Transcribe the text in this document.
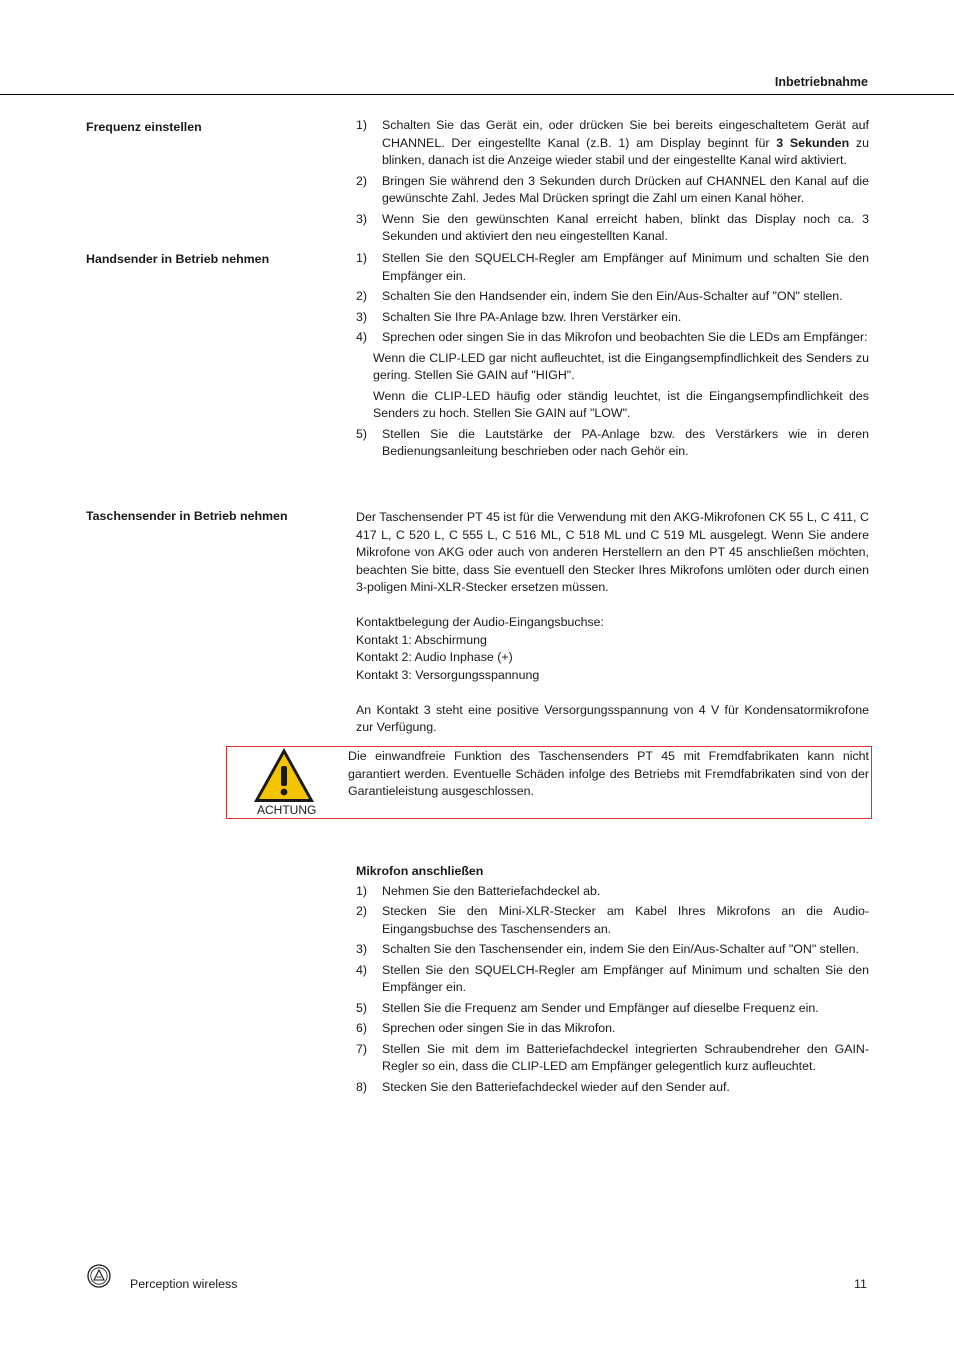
Inbetriebnahme
Frequenz einstellen	1) Schalten Sie das Gerät ein, oder drücken Sie bei bereits eingeschaltetem Gerät auf CHANNEL. Der eingestellte Kanal (z.B. 1) am Display beginnt für 3 Sekunden zu blinken, danach ist die Anzeige wieder stabil und der eingestellte Kanal wird aktiviert.
2) Bringen Sie während den 3 Sekunden durch Drücken auf CHANNEL den Kanal auf die gewünschte Zahl. Jedes Mal Drücken springt die Zahl um einen Kanal höher.
3) Wenn Sie den gewünschten Kanal erreicht haben, blinkt das Display noch ca. 3 Sekunden und aktiviert den neu eingestellten Kanal.
Handsender in Betrieb nehmen	1) Stellen Sie den SQUELCH-Regler am Empfänger auf Minimum und schalten Sie den Empfänger ein.
2) Schalten Sie den Handsender ein, indem Sie den Ein/Aus-Schalter auf "ON" stellen.
3) Schalten Sie Ihre PA-Anlage bzw. Ihren Verstärker ein.
4) Sprechen oder singen Sie in das Mikrofon und beobachten Sie die LEDs am Empfänger:
Wenn die CLIP-LED gar nicht aufleuchtet, ist die Eingangsempfindlichkeit des Senders zu gering. Stellen Sie GAIN auf "HIGH".
Wenn die CLIP-LED häufig oder ständig leuchtet, ist die Eingangsempfindlichkeit des Senders zu hoch. Stellen Sie GAIN auf "LOW".
5) Stellen Sie die Lautstärke der PA-Anlage bzw. des Verstärkers wie in deren Bedienungsanleitung beschrieben oder nach Gehör ein.
Taschensender in Betrieb nehmen	Der Taschensender PT 45 ist für die Verwendung mit den AKG-Mikrofonen CK 55 L, C 411, C 417 L, C 520 L, C 555 L, C 516 ML, C 518 ML und C 519 ML ausgelegt. Wenn Sie andere Mikrofone von AKG oder auch von anderen Herstellern an den PT 45 anschließen möchten, beachten Sie bitte, dass Sie eventuell den Stecker Ihres Mikrofons umlöten oder durch einen 3-poligen Mini-XLR-Stecker ersetzen müssen.
Kontaktbelegung der Audio-Eingangsbuchse:
Kontakt 1: Abschirmung
Kontakt 2: Audio Inphase (+)
Kontakt 3: Versorgungsspannung
An Kontakt 3 steht eine positive Versorgungsspannung von 4 V für Kondensatormikrofone zur Verfügung.
ACHTUNG
Die einwandfreie Funktion des Taschensenders PT 45 mit Fremdfabrikaten kann nicht garantiert werden. Eventuelle Schäden infolge des Betriebs mit Fremdfabrikaten sind von der Garantieleistung ausgeschlossen.
Mikrofon anschließen
1) Nehmen Sie den Batteriefachdeckel ab.
2) Stecken Sie den Mini-XLR-Stecker am Kabel Ihres Mikrofons an die Audio-Eingangsbuchse des Taschensenders an.
3) Schalten Sie den Taschensender ein, indem Sie den Ein/Aus-Schalter auf "ON" stellen.
4) Stellen Sie den SQUELCH-Regler am Empfänger auf Minimum und schalten Sie den Empfänger ein.
5) Stellen Sie die Frequenz am Sender und Empfänger auf dieselbe Frequenz ein.
6) Sprechen oder singen Sie in das Mikrofon.
7) Stellen Sie mit dem im Batteriefachdeckel integrierten Schraubendreher den GAIN-Regler so ein, dass die CLIP-LED am Empfänger gelegentlich kurz aufleuchtet.
8) Stecken Sie den Batteriefachdeckel wieder auf den Sender auf.
Perception wireless	11
